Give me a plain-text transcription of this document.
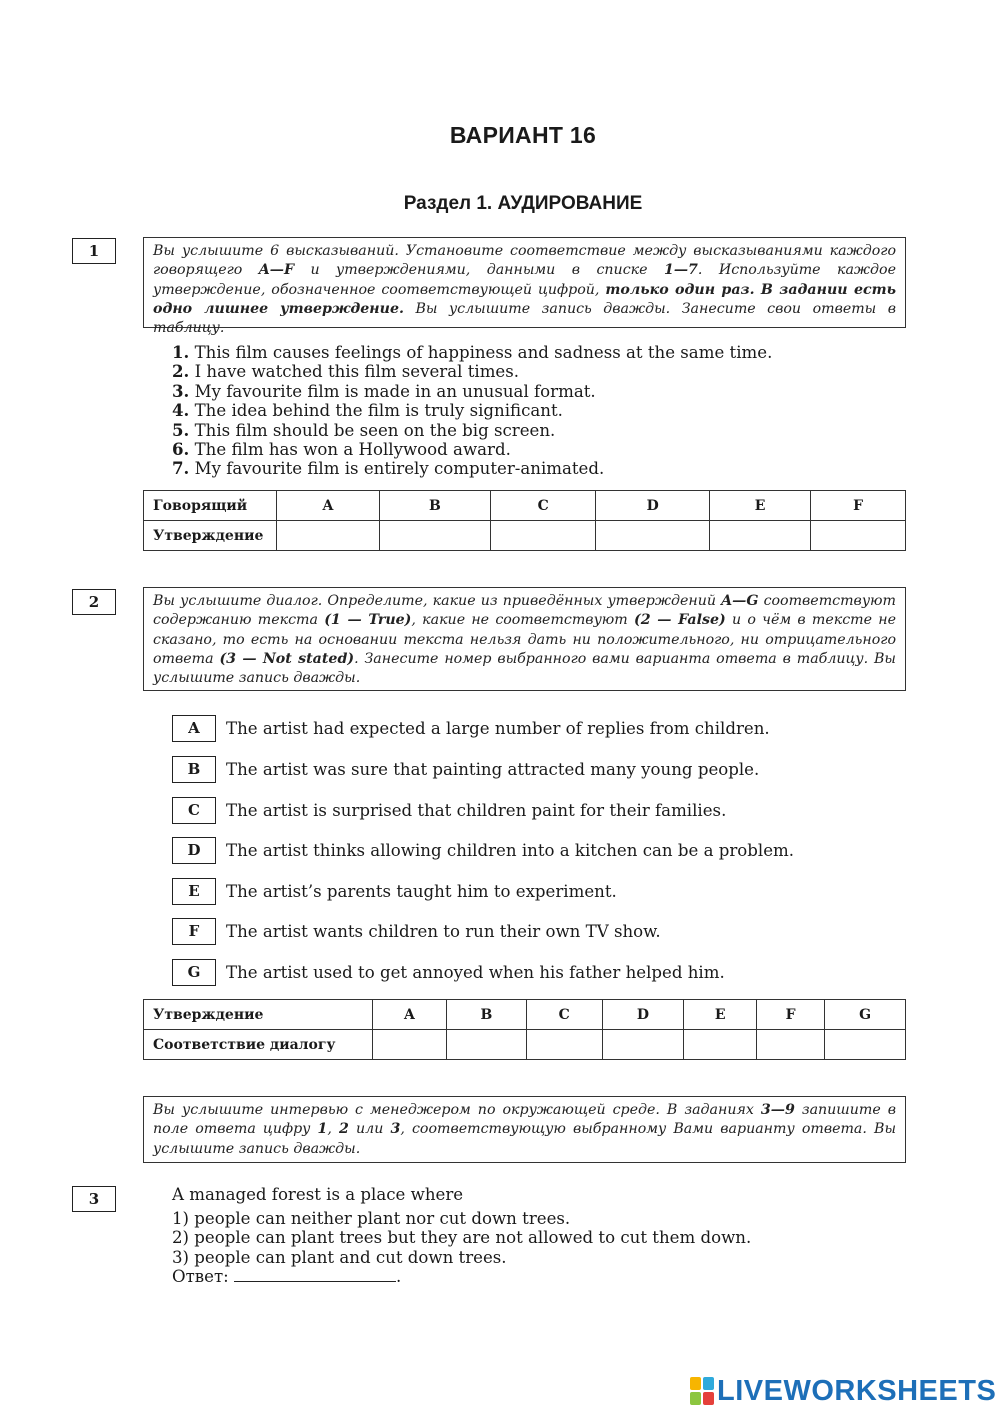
ВАРИАНТ 16
Раздел 1. АУДИРОВАНИЕ
1	Вы услышите 6 высказываний. Установите соответствие между высказываниями каждого говорящего A—F и утверждениями, данными в списке 1—7. Используйте каждое утверждение, обозначенное соответствующей цифрой, только один раз. В задании есть одно лишнее утверждение. Вы услышите запись дважды. Занесите свои ответы в таблицу.
1. This film causes feelings of happiness and sadness at the same time.
2. I have watched this film several times.
3. My favourite film is made in an unusual format.
4. The idea behind the film is truly significant.
5. This film should be seen on the big screen.
6. The film has won a Hollywood award.
7. My favourite film is entirely computer-animated.
Говорящий	A	B	C	D	E	F
Утверждение						
2	Вы услышите диалог. Определите, какие из приведённых утверждений A—G соответствуют содержанию текста (1 — True), какие не соответствуют (2 — False) и о чём в тексте не сказано, то есть на основании текста нельзя дать ни положительного, ни отрицательного ответа (3 — Not stated). Занесите номер выбранного вами варианта ответа в таблицу. Вы услышите запись дважды.
A	The artist had expected a large number of replies from children.
B	The artist was sure that painting attracted many young people.
C	The artist is surprised that children paint for their families.
D	The artist thinks allowing children into a kitchen can be a problem.
E	The artist’s parents taught him to experiment.
F	The artist wants children to run their own TV show.
G	The artist used to get annoyed when his father helped him.
Утверждение	A	B	C	D	E	F	G
Соответствие диалогу							
Вы услышите интервью с менеджером по окружающей среде. В заданиях 3—9 запишите в поле ответа цифру 1, 2 или 3, соответствующую выбранному Вами варианту ответа. Вы услышите запись дважды.
3	A managed forest is a place where
1) people can neither plant nor cut down trees.
2) people can plant trees but they are not allowed to cut them down.
3) people can plant and cut down trees.
Ответ:	.
LIVEWORKSHEETS
